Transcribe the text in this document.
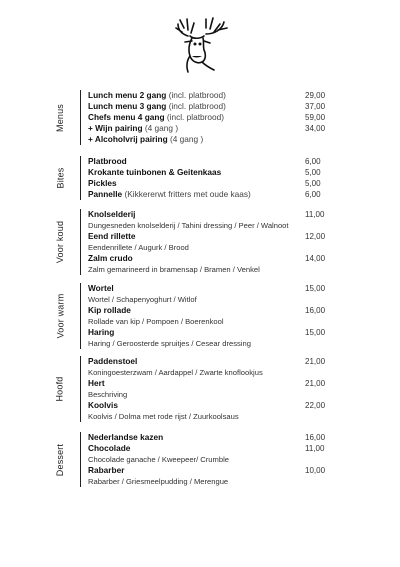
Menus
29,00
37,00
59,00
34,00
Lunch menu 2 gang (incl. platbrood)
Lunch menu 3 gang (incl. platbrood)
Chefs menu 4 gang (incl. platbrood)
+ Wijn pairing (4 gang )
+ Alcoholvrij pairing (4 gang )
Bites
6,00
5,00
5,00
6,00
Platbrood
Krokante tuinbonen & Geitenkaas
Pickles
Pannelle (Kikkererwt fritters met oude kaas)
Voor koud
11,00
12,00
14,00
Knolselderij
Dungesneden knolselderij / Tahini dressing / Peer / Walnoot
Eend rillette
Eendenrillete / Augurk / Brood
Zalm crudo
Zalm gemarineerd in bramensap / Bramen / Venkel
Voor warm
15,00
16,00
15,00
Wortel
Wortel / Schapenyoghurt / Witlof
Kip rollade
Rollade van kip / Pompoen / Boerenkool
Haring
Haring / Geroosterde spruitjes / Cesear dressing
Hoofd
21,00
21,00
22,00
Paddenstoel
Koningoesterzwam / Aardappel / Zwarte knoflookjus
Hert
Beschriving
Koolvis
Koolvis / Dolma met rode rijst / Zuurkoolsaus
Dessert
16,00
11,00
10,00
Nederlandse kazen
Chocolade
Chocolade ganache / Kweepeer/ Crumble
Rabarber
Rabarber / Griesmeelpudding / Merengue
